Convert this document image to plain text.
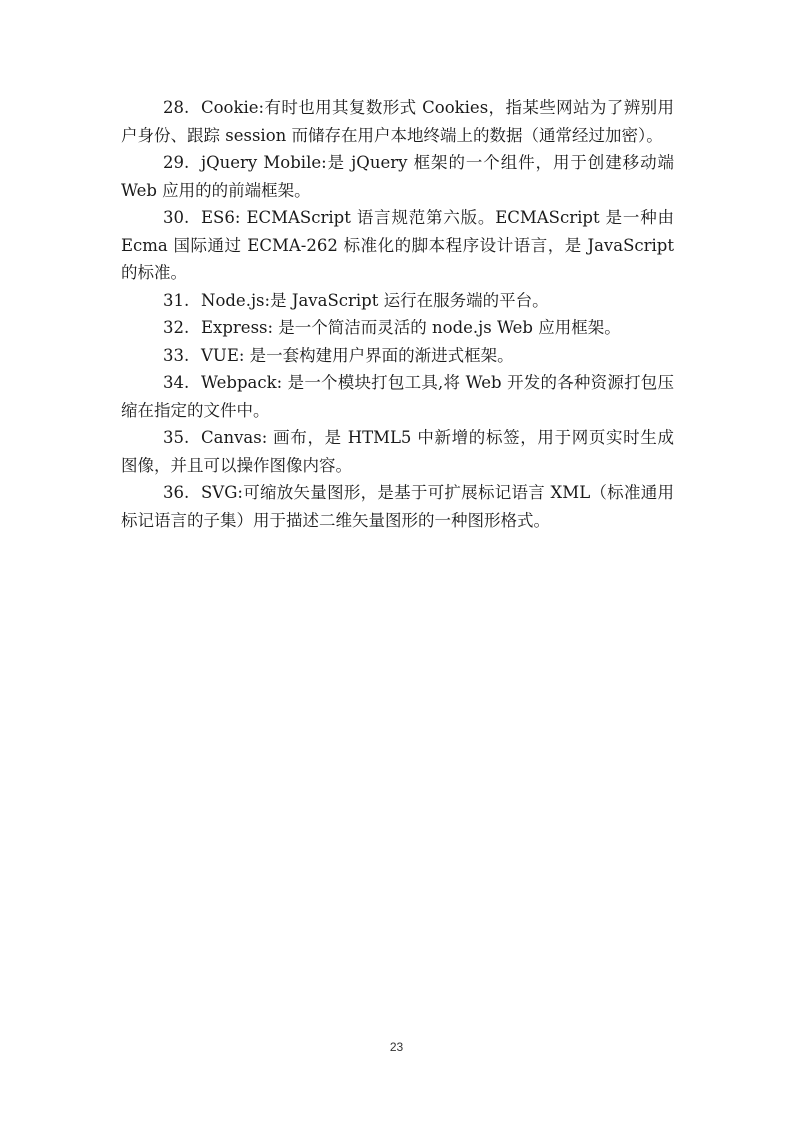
28. Cookie:有时也用其复数形式 Cookies，指某些网站为了辨别用户身份、跟踪 session 而储存在用户本地终端上的数据（通常经过加密）。

29. jQuery Mobile:是 jQuery 框架的一个组件，用于创建移动端 Web 应用的的前端框架。

30. ES6: ECMAScript 语言规范第六版。ECMAScript 是一种由 Ecma 国际通过 ECMA-262 标准化的脚本程序设计语言，是 JavaScript 的标准。

31. Node.js:是 JavaScript 运行在服务端的平台。

32. Express: 是一个简洁而灵活的 node.js Web 应用框架。

33. VUE: 是一套构建用户界面的渐进式框架。

34. Webpack: 是一个模块打包工具,将 Web 开发的各种资源打包压缩在指定的文件中。

35. Canvas: 画布，是 HTML5 中新增的标签，用于网页实时生成图像，并且可以操作图像内容。

36. SVG:可缩放矢量图形，是基于可扩展标记语言 XML（标准通用标记语言的子集）用于描述二维矢量图形的一种图形格式。

23
